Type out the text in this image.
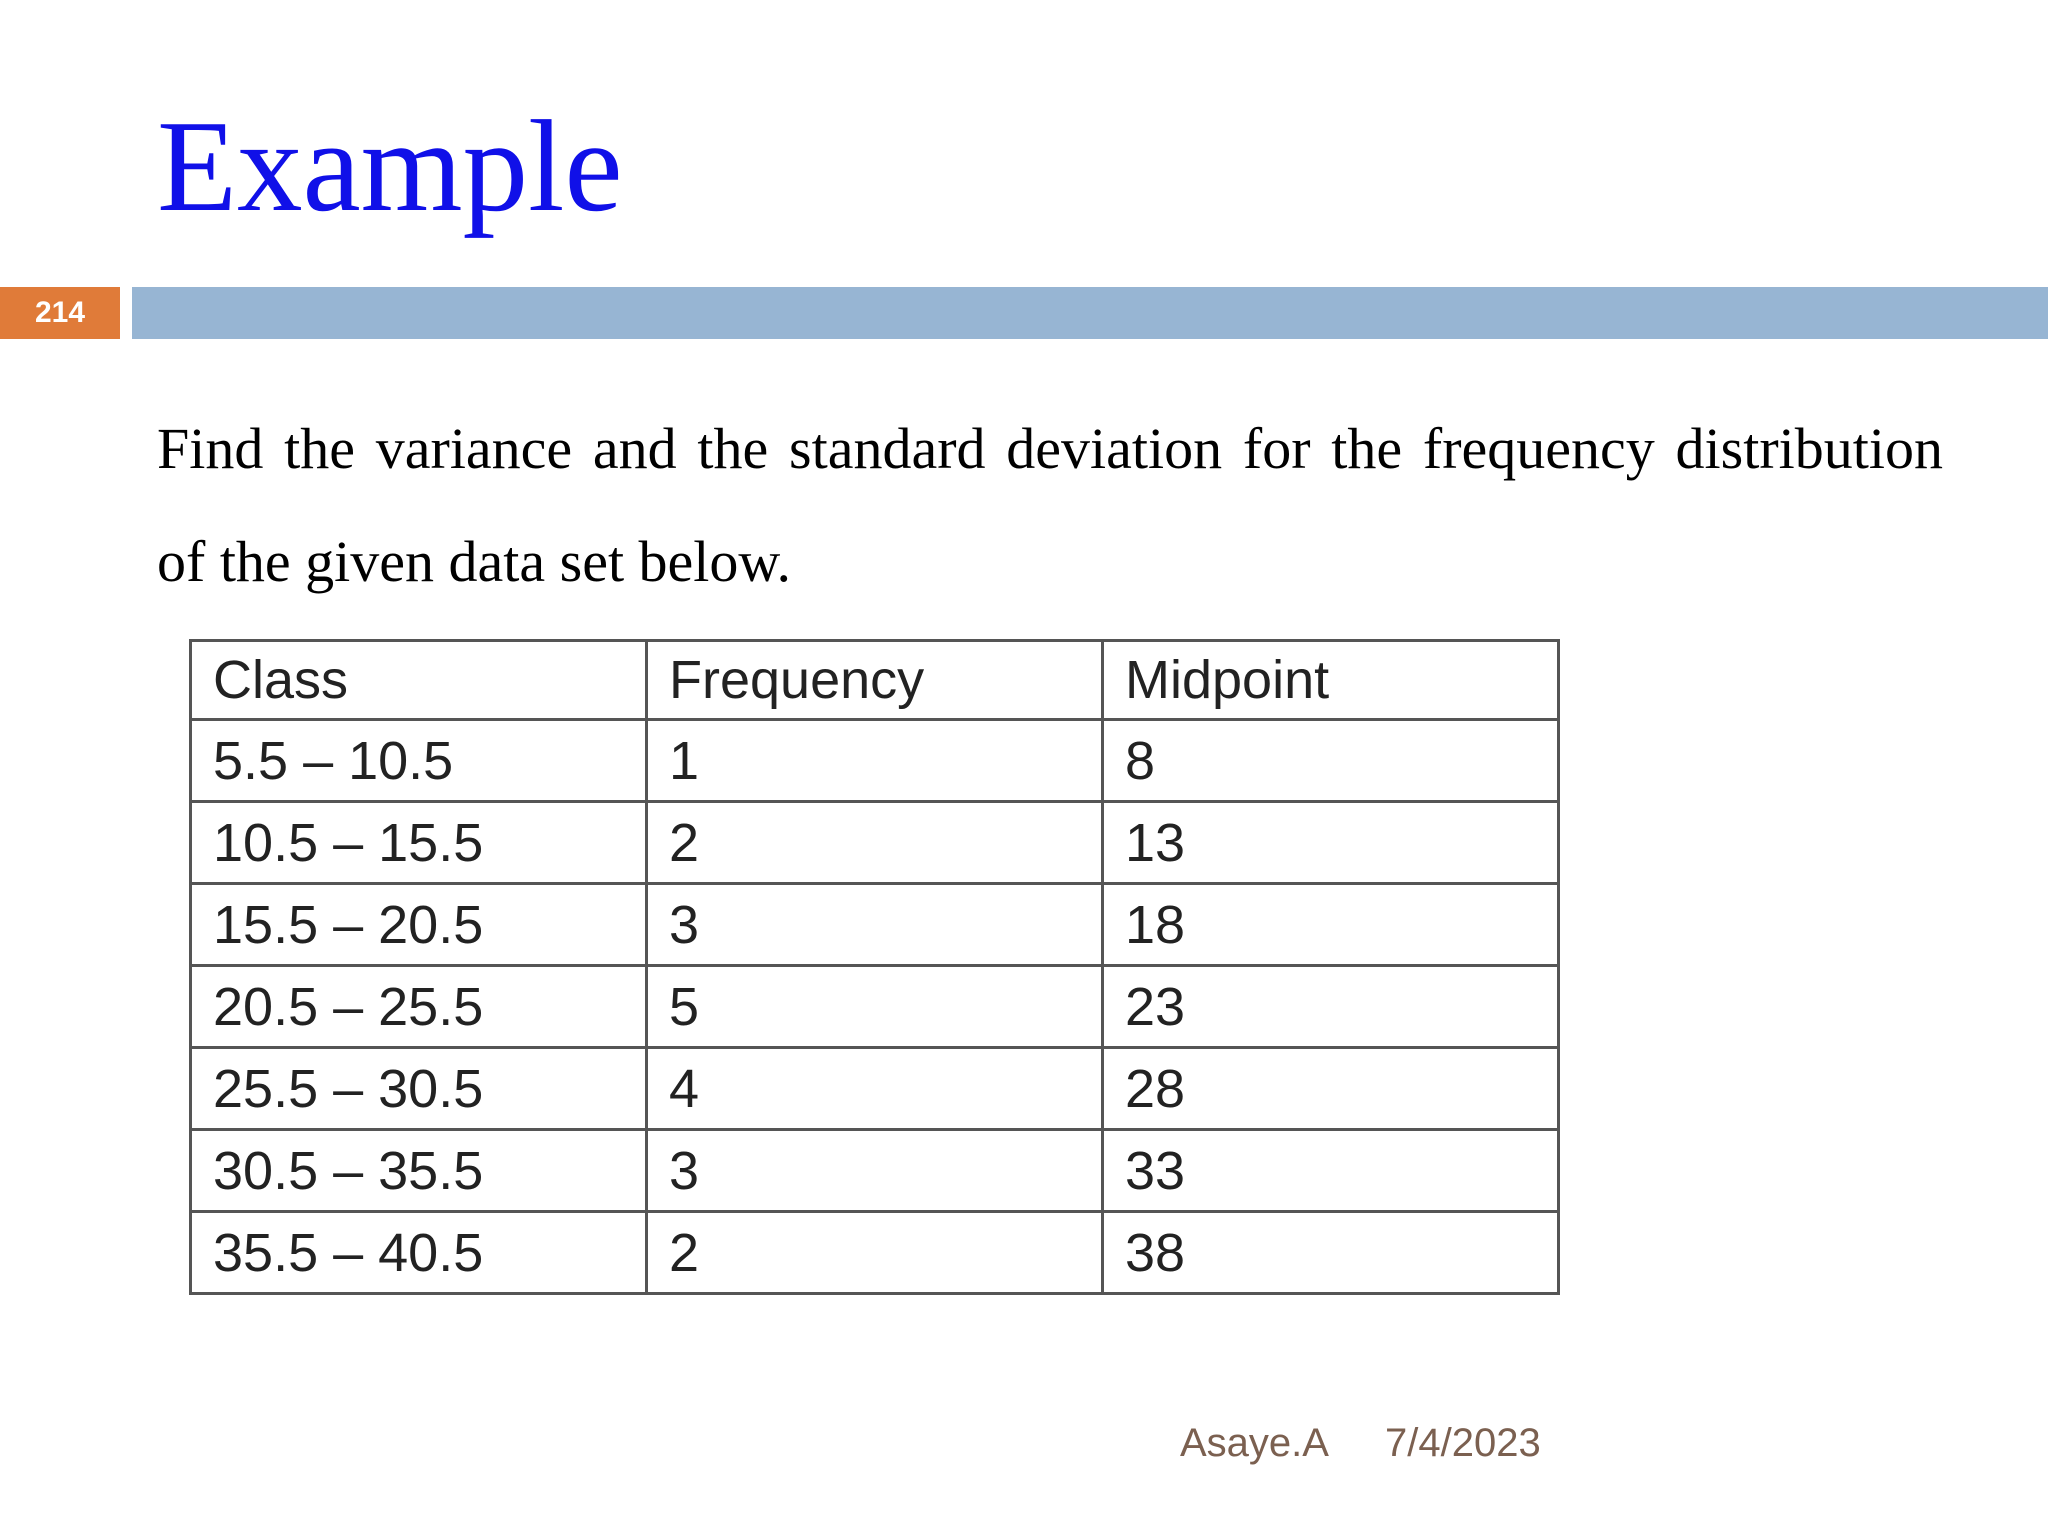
Example
214
Find the variance and the standard deviation for the frequency distribution of the given data set below.
Class	Frequency	Midpoint
5.5 – 10.5	1	8
10.5 – 15.5	2	13
15.5 – 20.5	3	18
20.5 – 25.5	5	23
25.5 – 30.5	4	28
30.5 – 35.5	3	33
35.5 – 40.5	2	38
Asaye.A 7/4/2023
